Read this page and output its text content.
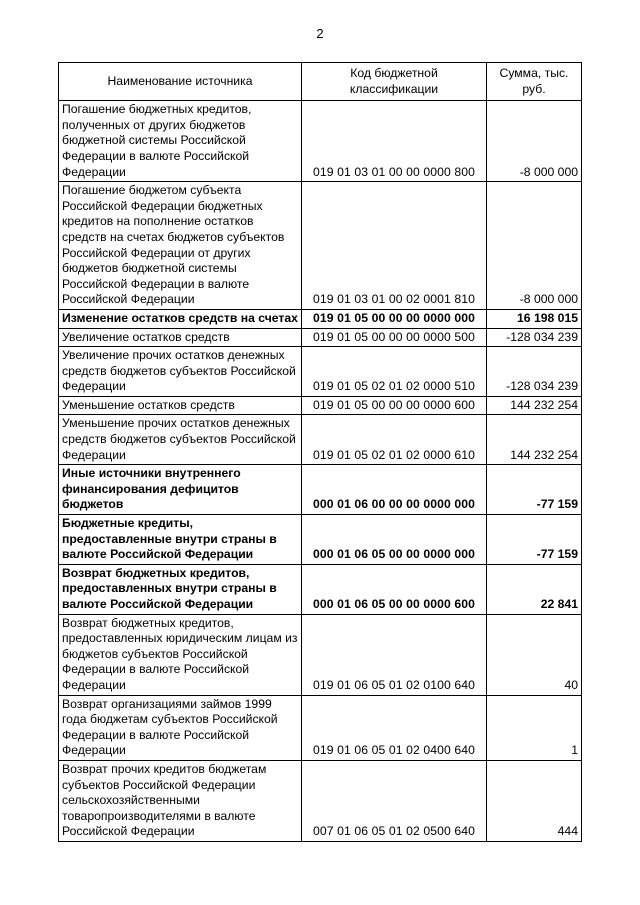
2
Наименование источника	Код бюджетной классификации	Сумма, тыс. руб.
Погашение бюджетных кредитов, полученных от других бюджетов бюджетной системы Российской Федерации в валюте Российской Федерации	019 01 03 01 00 00 0000 800	-8 000 000
Погашение бюджетом субъекта Российской Федерации бюджетных кредитов на пополнение остатков средств на счетах бюджетов субъектов Российской Федерации от других бюджетов бюджетной системы Российской Федерации в валюте Российской Федерации	019 01 03 01 00 02 0001 810	-8 000 000
Изменение остатков средств на счетах	019 01 05 00 00 00 0000 000	16 198 015
Увеличение остатков средств	019 01 05 00 00 00 0000 500	-128 034 239
Увеличение прочих остатков денежных средств бюджетов субъектов Российской Федерации	019 01 05 02 01 02 0000 510	-128 034 239
Уменьшение остатков средств	019 01 05 00 00 00 0000 600	144 232 254
Уменьшение прочих остатков денежных средств бюджетов субъектов Российской Федерации	019 01 05 02 01 02 0000 610	144 232 254
Иные источники внутреннего финансирования дефицитов бюджетов	000 01 06 00 00 00 0000 000	-77 159
Бюджетные кредиты, предоставленные внутри страны в валюте Российской Федерации	000 01 06 05 00 00 0000 000	-77 159
Возврат бюджетных кредитов, предоставленных внутри страны в валюте Российской Федерации	000 01 06 05 00 00 0000 600	22 841
Возврат бюджетных кредитов, предоставленных юридическим лицам из бюджетов субъектов Российской Федерации в валюте Российской Федерации	019 01 06 05 01 02 0100 640	40
Возврат организациями займов 1999 года бюджетам субъектов Российской Федерации в валюте Российской Федерации	019 01 06 05 01 02 0400 640	1
Возврат прочих кредитов бюджетам субъектов Российской Федерации сельскохозяйственными товаропроизводителями в валюте Российской Федерации	007 01 06 05 01 02 0500 640	444
